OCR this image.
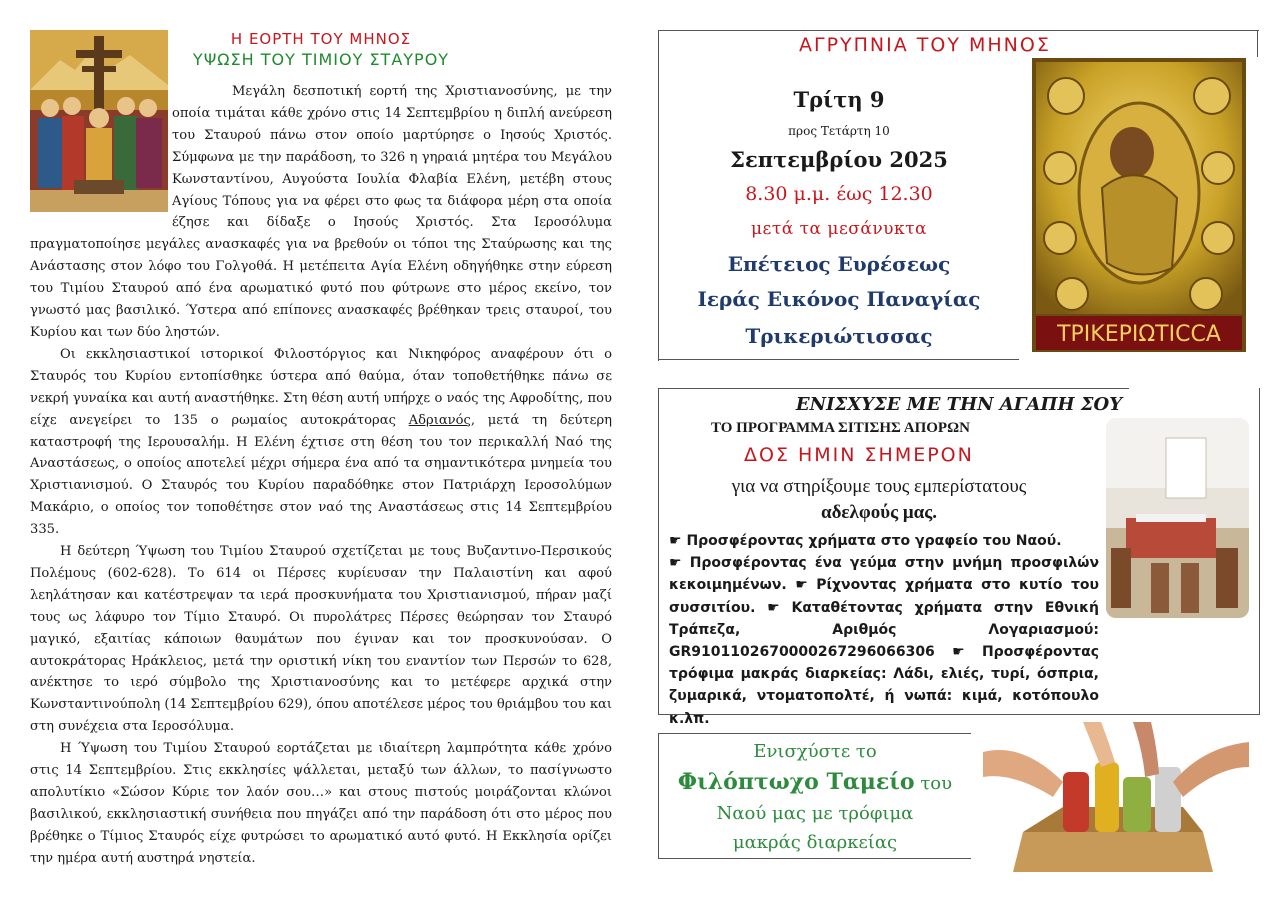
Η ΕΟΡΤΗ ΤΟΥ ΜΗΝΟΣ
ΥΨΩΣΗ ΤΟΥ ΤΙΜΙΟΥ ΣΤΑΥΡΟΥ

Μεγάλη δεσποτική εορτή της Χριστιανοσύνης, με την οποία τιμάται κάθε χρόνο στις 14 Σεπτεμβρίου η διπλή ανεύρεση του Σταυρού πάνω στον οποίο μαρτύρησε ο Ιησούς Χριστός. Σύμφωνα με την παράδοση, το 326 η γηραιά μητέρα του Μεγάλου Κωνσταντίνου, Αυγούστα Ιουλία Φλαβία Ελένη, μετέβη στους Αγίους Τόπους για να φέρει στο φως τα διάφορα μέρη στα οποία έζησε και δίδαξε ο Ιησούς Χριστός. Στα Ιεροσόλυμα πραγματοποίησε μεγάλες ανασκαφές για να βρεθούν οι τόποι της Σταύρωσης και της Ανάστασης στον λόφο του Γολγοθά. Η μετέπειτα Αγία Ελένη οδηγήθηκε στην εύρεση του Τιμίου Σταυρού από ένα αρωματικό φυτό που φύτρωνε στο μέρος εκείνο, τον γνωστό μας βασιλικό. Ύστερα από επίπονες ανασκαφές βρέθηκαν τρεις σταυροί, του Κυρίου και των δύο ληστών.

Οι εκκλησιαστικοί ιστορικοί Φιλοστόργιος και Νικηφόρος αναφέρουν ότι ο Σταυρός του Κυρίου εντοπίσθηκε ύστερα από θαύμα, όταν τοποθετήθηκε πάνω σε νεκρή γυναίκα και αυτή αναστήθηκε. Στη θέση αυτή υπήρχε ο ναός της Αφροδίτης, που είχε ανεγείρει το 135 ο ρωμαίος αυτοκράτορας Αδριανός, μετά τη δεύτερη καταστροφή της Ιερουσαλήμ. Η Ελένη έχτισε στη θέση του τον περικαλλή Ναό της Αναστάσεως, ο οποίος αποτελεί μέχρι σήμερα ένα από τα σημαντικότερα μνημεία του Χριστιανισμού. Ο Σταυρός του Κυρίου παραδόθηκε στον Πατριάρχη Ιεροσολύμων Μακάριο, ο οποίος τον τοποθέτησε στον ναό της Αναστάσεως στις 14 Σεπτεμβρίου 335.

Η δεύτερη Ύψωση του Τιμίου Σταυρού σχετίζεται με τους Βυζαντινο-Περσικούς Πολέμους (602-628). Το 614 οι Πέρσες κυρίευσαν την Παλαιστίνη και αφού λεηλάτησαν και κατέστρεψαν τα ιερά προσκυνήματα του Χριστιανισμού, πήραν μαζί τους ως λάφυρο τον Τίμιο Σταυρό. Οι πυρολάτρες Πέρσες θεώρησαν τον Σταυρό μαγικό, εξαιτίας κάποιων θαυμάτων που έγιναν και τον προσκυνούσαν. Ο αυτοκράτορας Ηράκλειος, μετά την οριστική νίκη του εναντίον των Περσών το 628, ανέκτησε το ιερό σύμβολο της Χριστιανοσύνης και το μετέφερε αρχικά στην Κωνσταντινούπολη (14 Σεπτεμβρίου 629), όπου αποτέλεσε μέρος του θριάμβου του και στη συνέχεια στα Ιεροσόλυμα.

Η Ύψωση του Τιμίου Σταυρού εορτάζεται με ιδιαίτερη λαμπρότητα κάθε χρόνο στις 14 Σεπτεμβρίου. Στις εκκλησίες ψάλλεται, μεταξύ των άλλων, το πασίγνωστο απολυτίκιο «Σώσον Κύριε τον λαόν σου…» και στους πιστούς μοιράζονται κλώνοι βασιλικού, εκκλησιαστική συνήθεια που πηγάζει από την παράδοση ότι στο μέρος που βρέθηκε ο Τίμιος Σταυρός είχε φυτρώσει το αρωματικό αυτό φυτό. Η Εκκλησία ορίζει την ημέρα αυτή αυστηρά νηστεία.

ΑΓΡΥΠΝΙΑ ΤΟΥ ΜΗΝΟΣ
Τρίτη 9
προς Τετάρτη 10
Σεπτεμβρίου 2025
8.30 μ.μ. έως 12.30
μετά τα μεσάνυκτα
Επέτειος Ευρέσεως
Ιεράς Εικόνος Παναγίας
Τρικεριώτισσας	ΤΡΙΚΕΡΙΩΤΙCCA
ΕΝΙΣΧΥΣΕ ΜΕ ΤΗΝ ΑΓΑΠΗ ΣΟΥ
ΤΟ ΠΡΟΓΡΑΜΜΑ ΣΙΤΙΣΗΣ ΑΠΟΡΩΝ
ΔΟΣ ΗΜΙΝ ΣΗΜΕΡΟΝ
για να στηρίξουμε τους εμπερίστατους
αδελφούς μας.
☛ Προσφέροντας χρήματα στο γραφείο του Ναού.
☛ Προσφέροντας ένα γεύμα στην μνήμη προσφιλών κεκοιμημένων. ☛ Ρίχνοντας χρήματα στο κυτίο του συσσιτίου. ☛ Καταθέτοντας χρήματα στην Εθνική Τράπεζα, Αριθμός Λογαριασμού: GR9101102670000267296066306 ☛ Προσφέροντας τρόφιμα μακράς διαρκείας: Λάδι, ελιές, τυρί, όσπρια, ζυμαρικά, ντοματοπολτέ, ή νωπά: κιμά, κοτόπουλο κ.λπ.
Ενισχύστε το
Φιλόπτωχο Ταμείο του
Ναού μας με τρόφιμα
μακράς διαρκείας
